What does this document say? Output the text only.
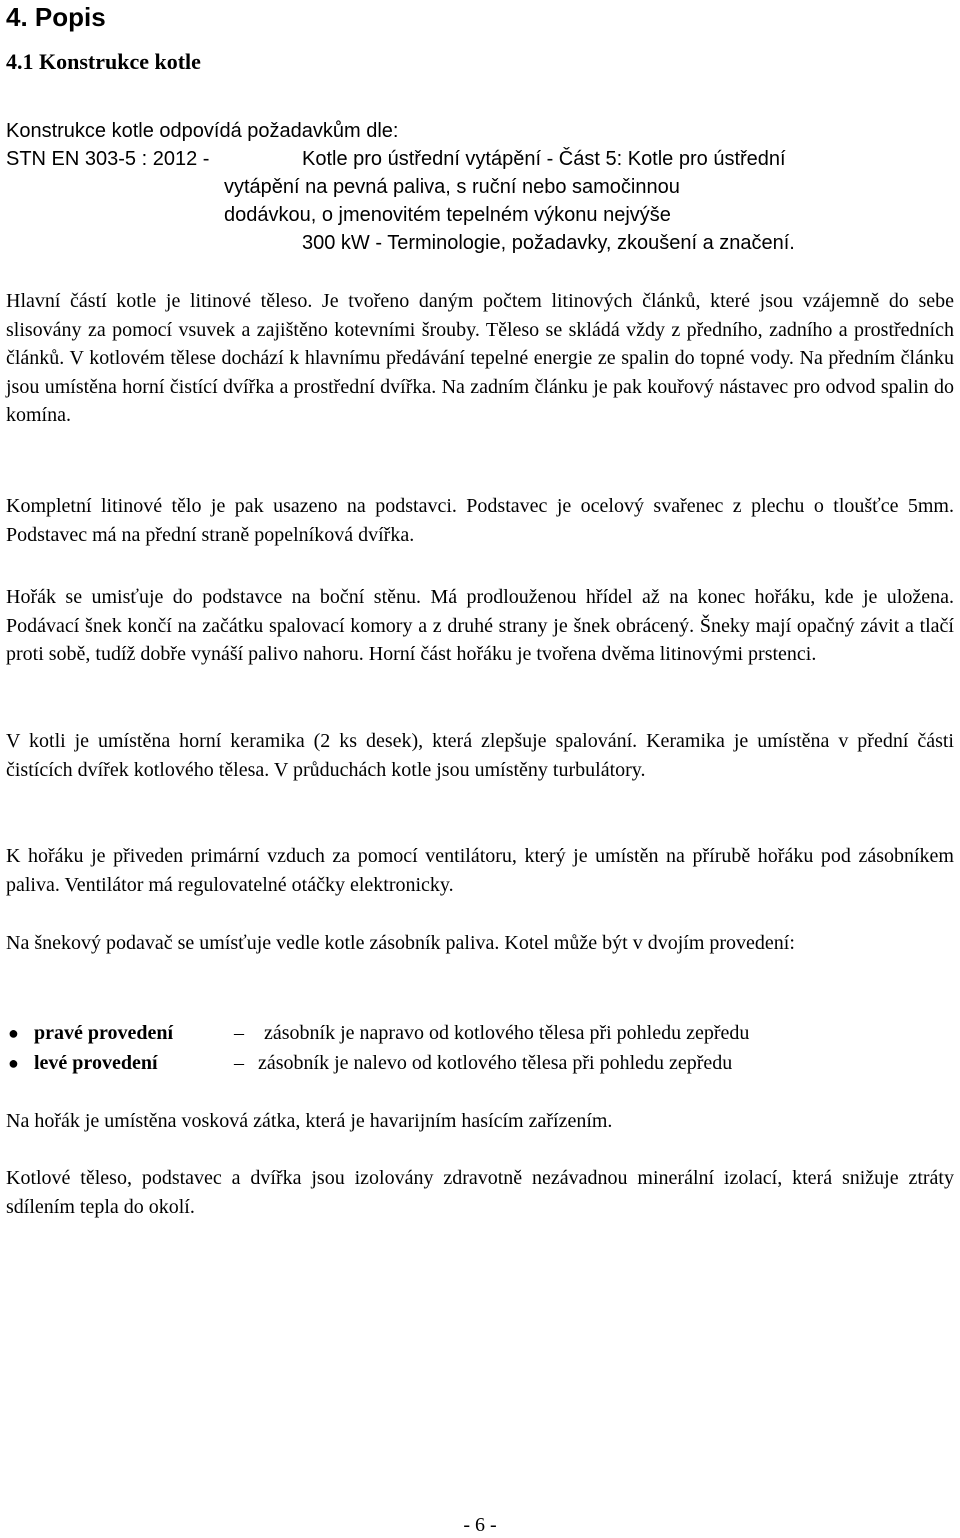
4. Popis
4.1 Konstrukce kotle
Konstrukce kotle odpovídá požadavkům dle:
STN EN 303-5 : 2012 -	Kotle pro ústřední vytápění - Část 5: Kotle pro ústřední
vytápění na pevná paliva, s ruční nebo samočinnou
dodávkou, o jmenovitém tepelném výkonu nejvýše
300 kW - Terminologie, požadavky, zkoušení a značení.

Hlavní částí kotle je litinové těleso. Je tvořeno daným počtem litinových článků, které jsou vzájemně do sebe slisovány za pomocí vsuvek a zajištěno kotevními šrouby. Těleso se skládá vždy z předního, zadního a prostředních článků. V kotlovém tělese dochází k hlavnímu předávání tepelné energie ze spalin do topné vody. Na předním článku jsou umístěna horní čistící dvířka a prostřední dvířka. Na zadním článku je pak kouřový nástavec pro odvod spalin do komína.

Kompletní litinové tělo je pak usazeno na podstavci. Podstavec je ocelový svařenec z plechu o tloušťce 5mm. Podstavec má na přední straně popelníková dvířka.

Hořák se umisťuje do podstavce na boční stěnu. Má prodlouženou hřídel až na konec hořáku, kde je uložena. Podávací šnek končí na začátku spalovací komory a z druhé strany je šnek obrácený. Šneky mají opačný závit a tlačí proti sobě, tudíž dobře vynáší palivo nahoru. Horní část hořáku je tvořena dvěma litinovými prstenci.

V kotli je umístěna horní keramika (2 ks desek), která zlepšuje spalování. Keramika je umístěna v přední části čistících dvířek kotlového tělesa. V průduchách kotle jsou umístěny turbulátory.

K hořáku je přiveden primární vzduch za pomocí ventilátoru, který je umístěn na přírubě hořáku pod zásobníkem paliva. Ventilátor má regulovatelné otáčky elektronicky.

Na šnekový podavač se umísťuje vedle kotle zásobník paliva. Kotel může být v dvojím provedení:

● pravé provedení	– zásobník je napravo od kotlového tělesa při pohledu zepředu
● levé provedení	– zásobník je nalevo od kotlového tělesa při pohledu zepředu

Na hořák je umístěna vosková zátka, která je havarijním hasícím zařízením.

Kotlové těleso, podstavec a dvířka jsou izolovány zdravotně nezávadnou minerální izolací, která snižuje ztráty sdílením tepla do okolí.

- 6 -
